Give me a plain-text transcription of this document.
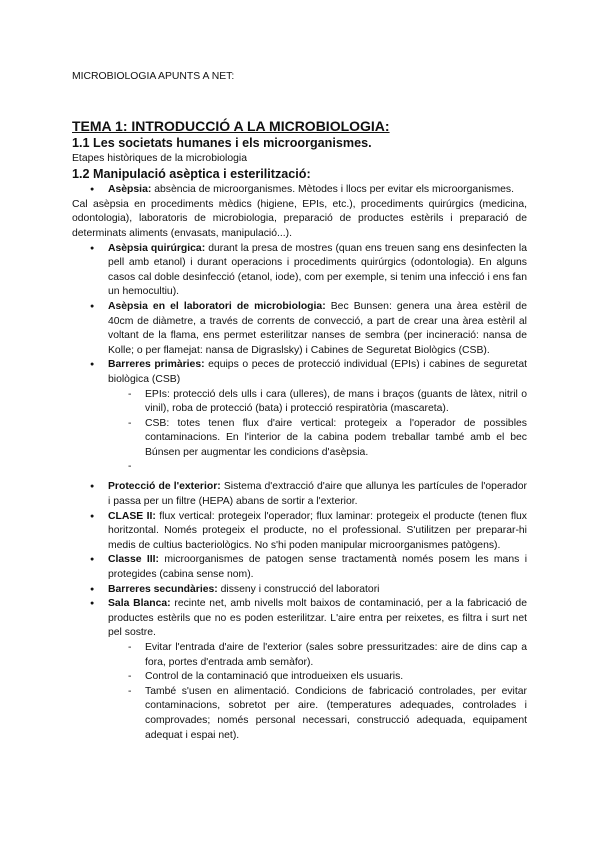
MICROBIOLOGIA APUNTS A NET:

TEMA 1: INTRODUCCIÓ A LA MICROBIOLOGIA:
1.1 Les societats humanes i els microorganismes.

Etapes històriques de la microbiologia

1.2 Manipulació asèptica i esterilització:
● Asèpsia: absència de microorganismes. Mètodes i llocs per evitar els microorganismes.

Cal asèpsia en procediments mèdics (higiene, EPIs, etc.), procediments quirúrgics (medicina, odontologia), laboratoris de microbiologia, preparació de productes estèrils i preparació de determinats aliments (envasats, manipulació...).

● Asèpsia quirúrgica: durant la presa de mostres (quan ens treuen sang ens desinfecten la pell amb etanol) i durant operacions i procediments quirúrgics (odontologia). En alguns casos cal doble desinfecció (etanol, iode), com per exemple, si tenim una infecció i ens fan un hemocultiu).
● Asèpsia en el laboratori de microbiologia: Bec Bunsen: genera una àrea estèril de 40cm de diàmetre, a través de corrents de convecció, a part de crear una àrea estèril al voltant de la flama, ens permet esterilitzar nanses de sembra (per incineració: nansa de Kolle; o per flamejat: nansa de Digraslsky) i Cabines de Seguretat Biològics (CSB).
● Barreres primàries: equips o peces de protecció individual (EPIs) i cabines de seguretat biològica (CSB)
- EPIs: protecció dels ulls i cara (ulleres), de mans i braços (guants de làtex, nitril o vinil), roba de protecció (bata) i protecció respiratòria (mascareta).
- CSB: totes tenen flux d'aire vertical: protegeix a l'operador de possibles contaminacions. En l'interior de la cabina podem treballar també amb el bec Búnsen per augmentar les condicions d'asèpsia.
-
● Protecció de l'exterior: Sistema d'extracció d'aire que allunya les partícules de l'operador i passa per un filtre (HEPA) abans de sortir a l'exterior.
● CLASE II: flux vertical: protegeix l'operador; flux laminar: protegeix el producte (tenen flux horitzontal. Només protegeix el producte, no el professional. S'utilitzen per preparar-hi medis de cultius bacteriològics. No s'hi poden manipular microorganismes patògens).
● Classe III: microorganismes de patogen sense tractamentà només posem les mans i protegides (cabina sense nom).
● Barreres secundàries: disseny i construcció del laboratori
● Sala Blanca: recinte net, amb nivells molt baixos de contaminació, per a la fabricació de productes estèrils que no es poden esterilitzar. L'aire entra per reixetes, es filtra i surt net pel sostre.
- Evitar l'entrada d'aire de l'exterior (sales sobre pressuritzades: aire de dins cap a fora, portes d'entrada amb semàfor).
- Control de la contaminació que introdueixen els usuaris.
- També s'usen en alimentació. Condicions de fabricació controlades, per evitar contaminacions, sobretot per aire. (temperatures adequades, controlades i comprovades; només personal necessari, construcció adequada, equipament adequat i espai net).
